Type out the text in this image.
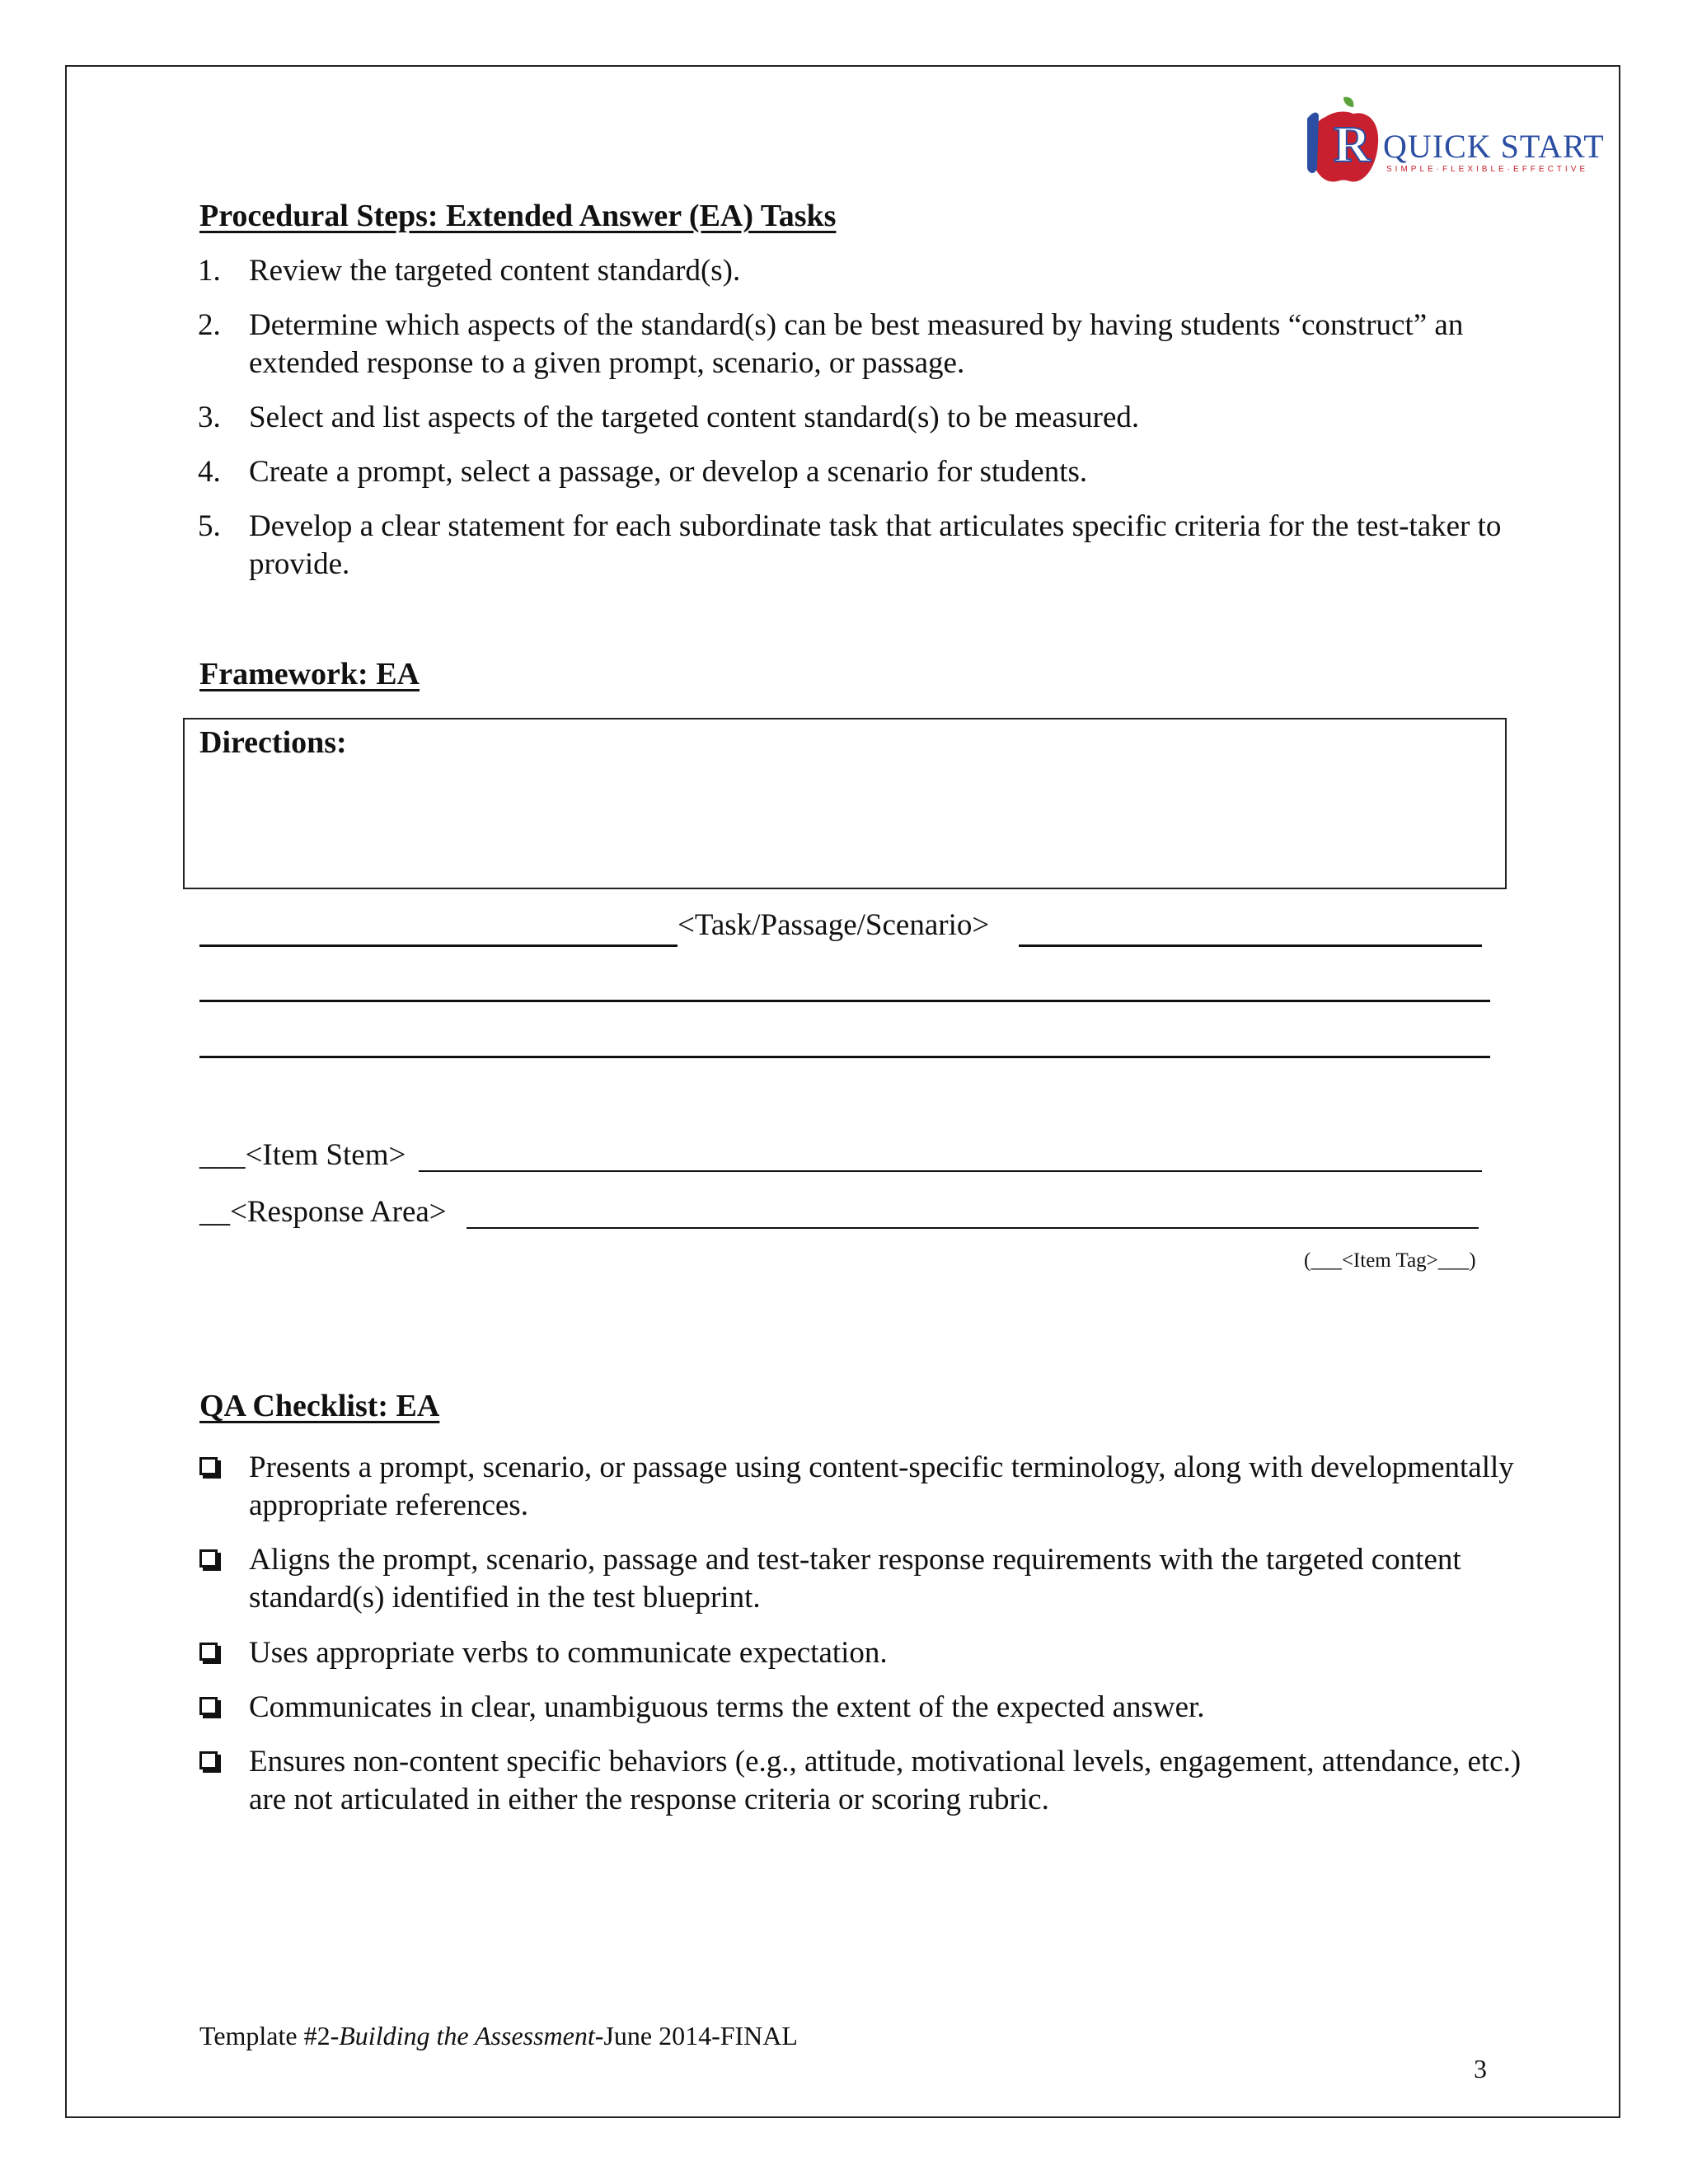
R QUICK START
SIMPLE·FLEXIBLE·EFFECTIVE
Procedural Steps: Extended Answer (EA) Tasks
1. Review the targeted content standard(s).
2. Determine which aspects of the standard(s) can be best measured by having students “construct” an extended response to a given prompt, scenario, or passage.
3. Select and list aspects of the targeted content standard(s) to be measured.
4. Create a prompt, select a passage, or develop a scenario for students.
5. Develop a clear statement for each subordinate task that articulates specific criteria for the test-taker to provide.
Framework: EA
Directions:
<Task/Passage/Scenario>
___<Item Stem>
__<Response Area>
(___<Item Tag>___)
QA Checklist: EA
Presents a prompt, scenario, or passage using content-specific terminology, along with developmentally appropriate references.
Aligns the prompt, scenario, passage and test-taker response requirements with the targeted content standard(s) identified in the test blueprint.
Uses appropriate verbs to communicate expectation.
Communicates in clear, unambiguous terms the extent of the expected answer.
Ensures non-content specific behaviors (e.g., attitude, motivational levels, engagement, attendance, etc.) are not articulated in either the response criteria or scoring rubric.
Template #2-Building the Assessment-June 2014-FINAL
3
